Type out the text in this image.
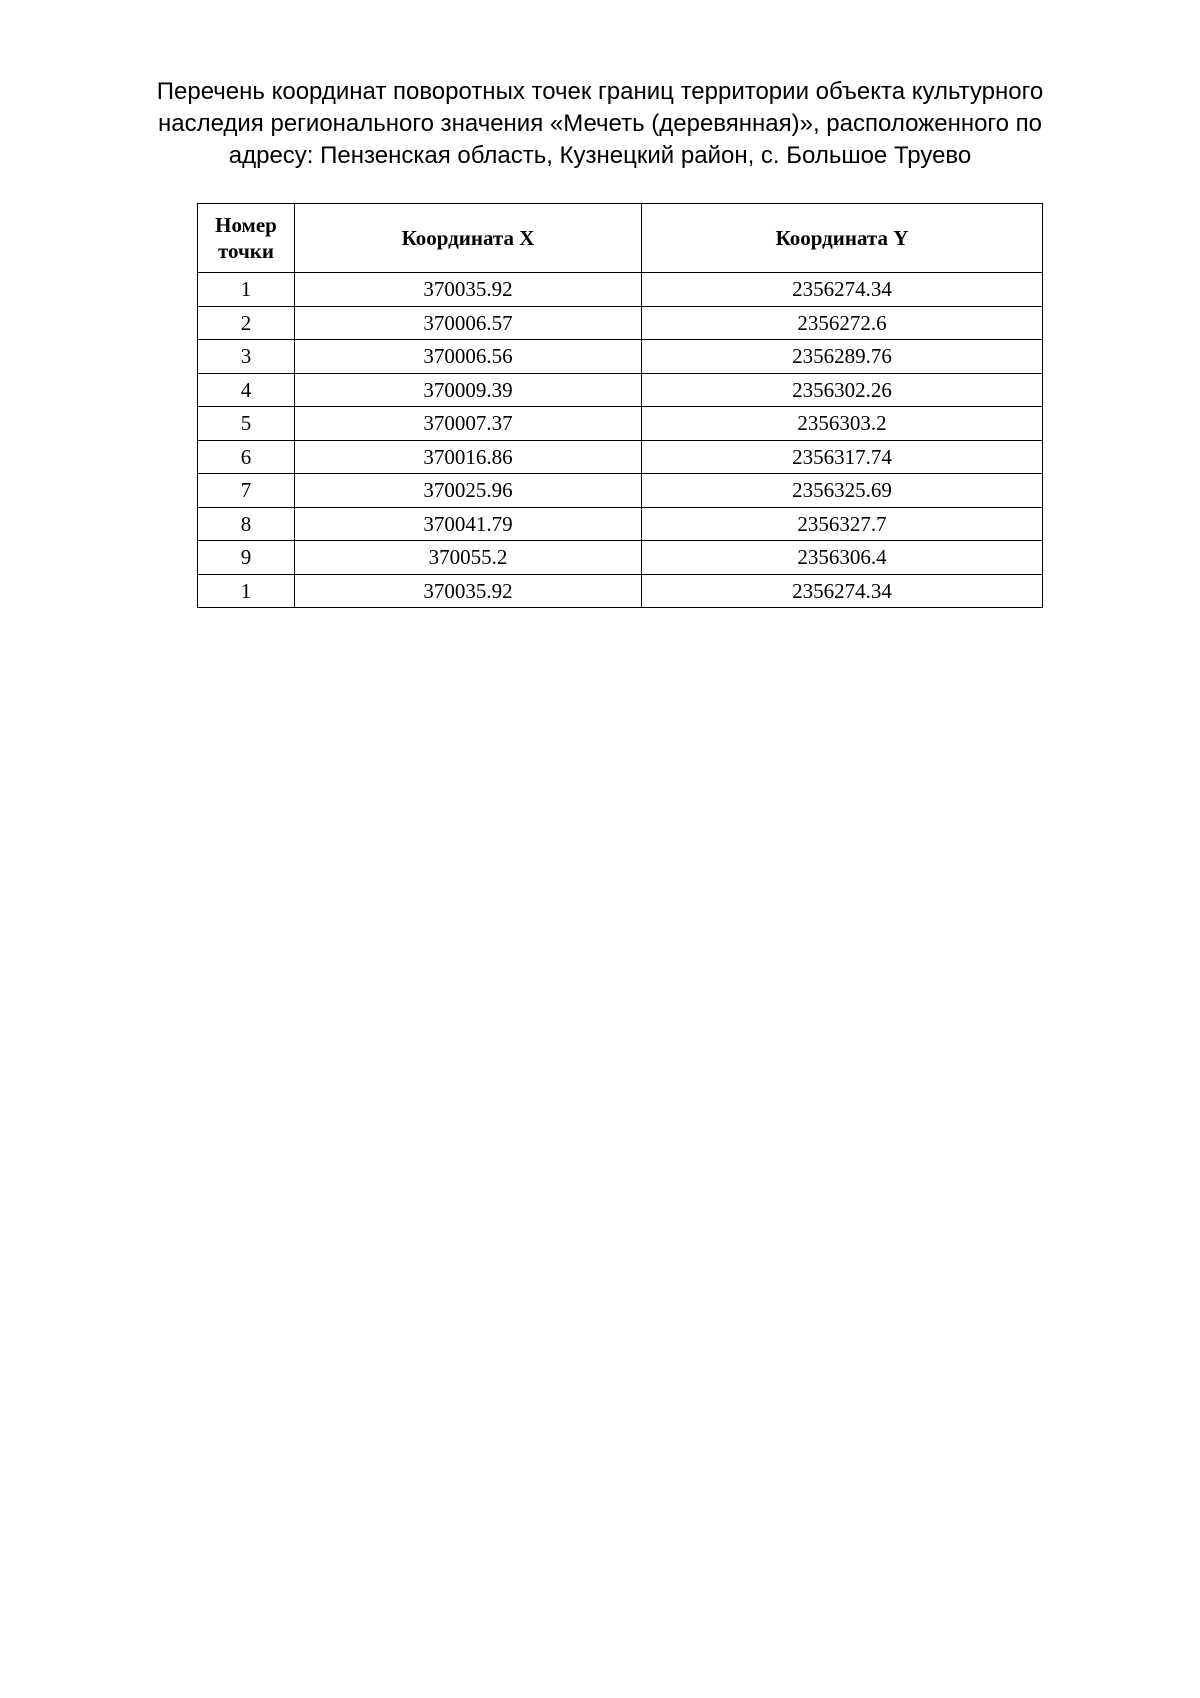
Перечень координат поворотных точек границ территории объекта культурного
наследия регионального значения «Мечеть (деревянная)», расположенного по
адресу: Пензенская область, Кузнецкий район, с. Большое Труево
Номер
точки	Координата X	Координата Y
1	370035.92	2356274.34
2	370006.57	2356272.6
3	370006.56	2356289.76
4	370009.39	2356302.26
5	370007.37	2356303.2
6	370016.86	2356317.74
7	370025.96	2356325.69
8	370041.79	2356327.7
9	370055.2	2356306.4
1	370035.92	2356274.34
